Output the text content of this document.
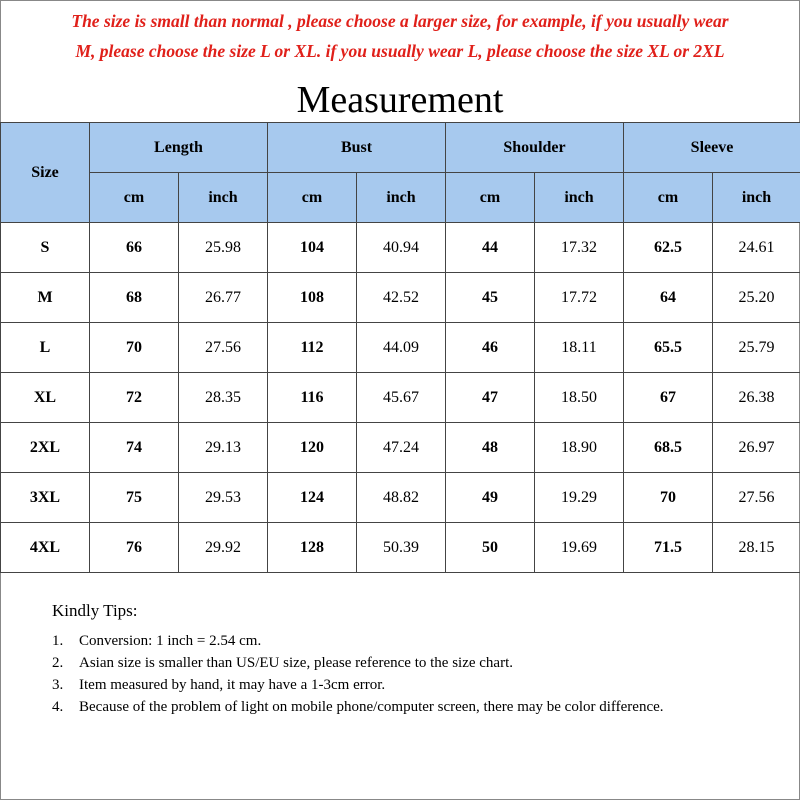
The size is small than normal , please choose a larger size, for example, if you usually wear
M, please choose the size L or XL. if you usually wear L, please choose the size XL or 2XL
Measurement
Size	Length		Bust		Shoulder		Sleeve	
	cm	inch	cm	inch	cm	inch	cm	inch
S	66	25.98	104	40.94	44	17.32	62.5	24.61
M	68	26.77	108	42.52	45	17.72	64	25.20
L	70	27.56	112	44.09	46	18.11	65.5	25.79
XL	72	28.35	116	45.67	47	18.50	67	26.38
2XL	74	29.13	120	47.24	48	18.90	68.5	26.97
3XL	75	29.53	124	48.82	49	19.29	70	27.56
4XL	76	29.92	128	50.39	50	19.69	71.5	28.15
Kindly Tips:
1.	Conversion: 1 inch = 2.54 cm.
2.	Asian size is smaller than US/EU size, please reference to the size chart.
3.	Item measured by hand, it may have a 1-3cm error.
4.	Because of the problem of light on mobile phone/computer screen, there may be color difference.
